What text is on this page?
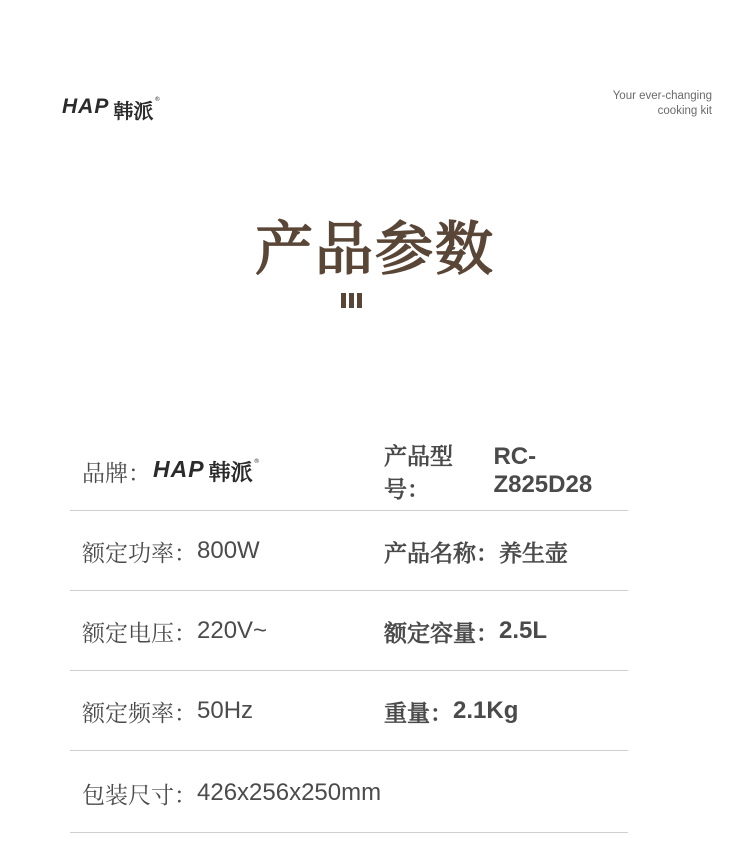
HAP 韩派 ®	Your ever-changing
cooking kit
产品参数
品牌： HAP 韩派 ®	产品型号：
RC-Z825D28
额定功率： 800W	产品名称： 养生壶
额定电压： 220V~	额定容量： 2.5L
额定频率： 50Hz	重量： 2.1Kg
包装尺寸： 426x256x250mm
